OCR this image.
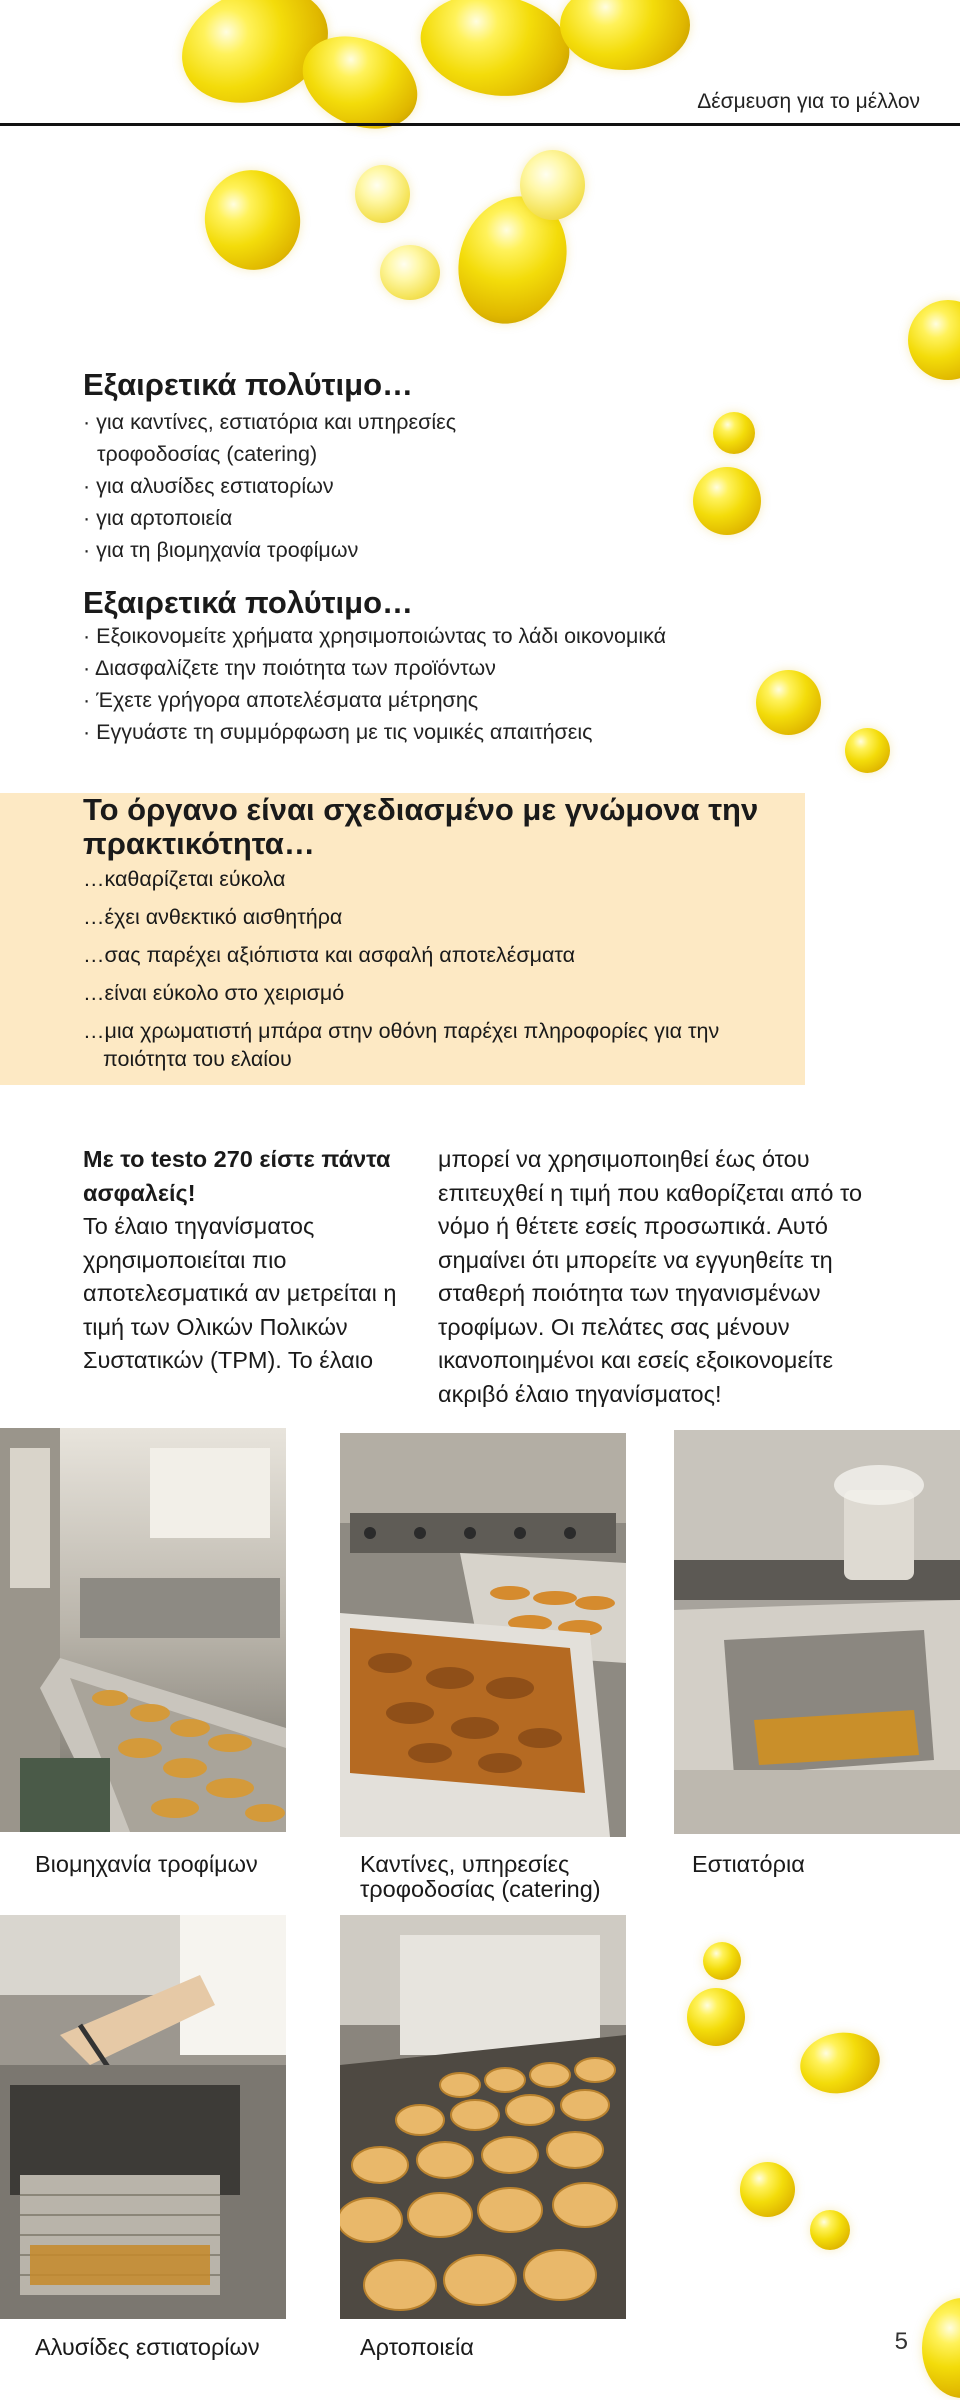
Δέσμευση για το μέλλον
Εξαιρετικά πολύτιμο…
· για καντίνες, εστιατόρια και υπηρεσίες τροφοδοσίας (catering)
· για αλυσίδες εστιατορίων
· για αρτοποιεία
· για τη βιομηχανία τροφίμων
Εξαιρετικά πολύτιμο…
· Εξοικονομείτε χρήματα χρησιμοποιώντας το λάδι οικονομικά
· Διασφαλίζετε την ποιότητα των προϊόντων
· Έχετε γρήγορα αποτελέσματα μέτρησης
· Εγγυάστε τη συμμόρφωση με τις νομικές απαιτήσεις
Το όργανο είναι σχεδιασμένο με γνώμονα την πρακτικότητα…
…καθαρίζεται εύκολα
…έχει ανθεκτικό αισθητήρα
…σας παρέχει αξιόπιστα και ασφαλή αποτελέσματα
…είναι εύκολο στο χειρισμό
…μια χρωματιστή μπάρα στην οθόνη παρέχει πληροφορίες για την ποιότητα του ελαίου
Με το testo 270 είστε πάντα ασφαλείς!
Το έλαιο τηγανίσματος χρησιμοποιείται πιο αποτελεσματικά αν μετρείται η τιμή των Ολικών Πολικών Συστατικών (TPM). Το έλαιο
μπορεί να χρησιμοποιηθεί έως ότου επιτευχθεί η τιμή που καθορίζεται από το νόμο ή θέτετε εσείς προσωπικά. Αυτό σημαίνει ότι μπορείτε να εγγυηθείτε τη σταθερή ποιότητα των τηγανισμένων τροφίμων. Οι πελάτες σας μένουν ικανοποιημένοι και εσείς εξοικονομείτε ακριβό έλαιο τηγανίσματος!
Βιομηχανία τροφίμων	Καντίνες, υπηρεσίες τροφοδοσίας (catering)
Εστιατόρια
Αλυσίδες εστιατορίων	Αρτοποιεία	5
